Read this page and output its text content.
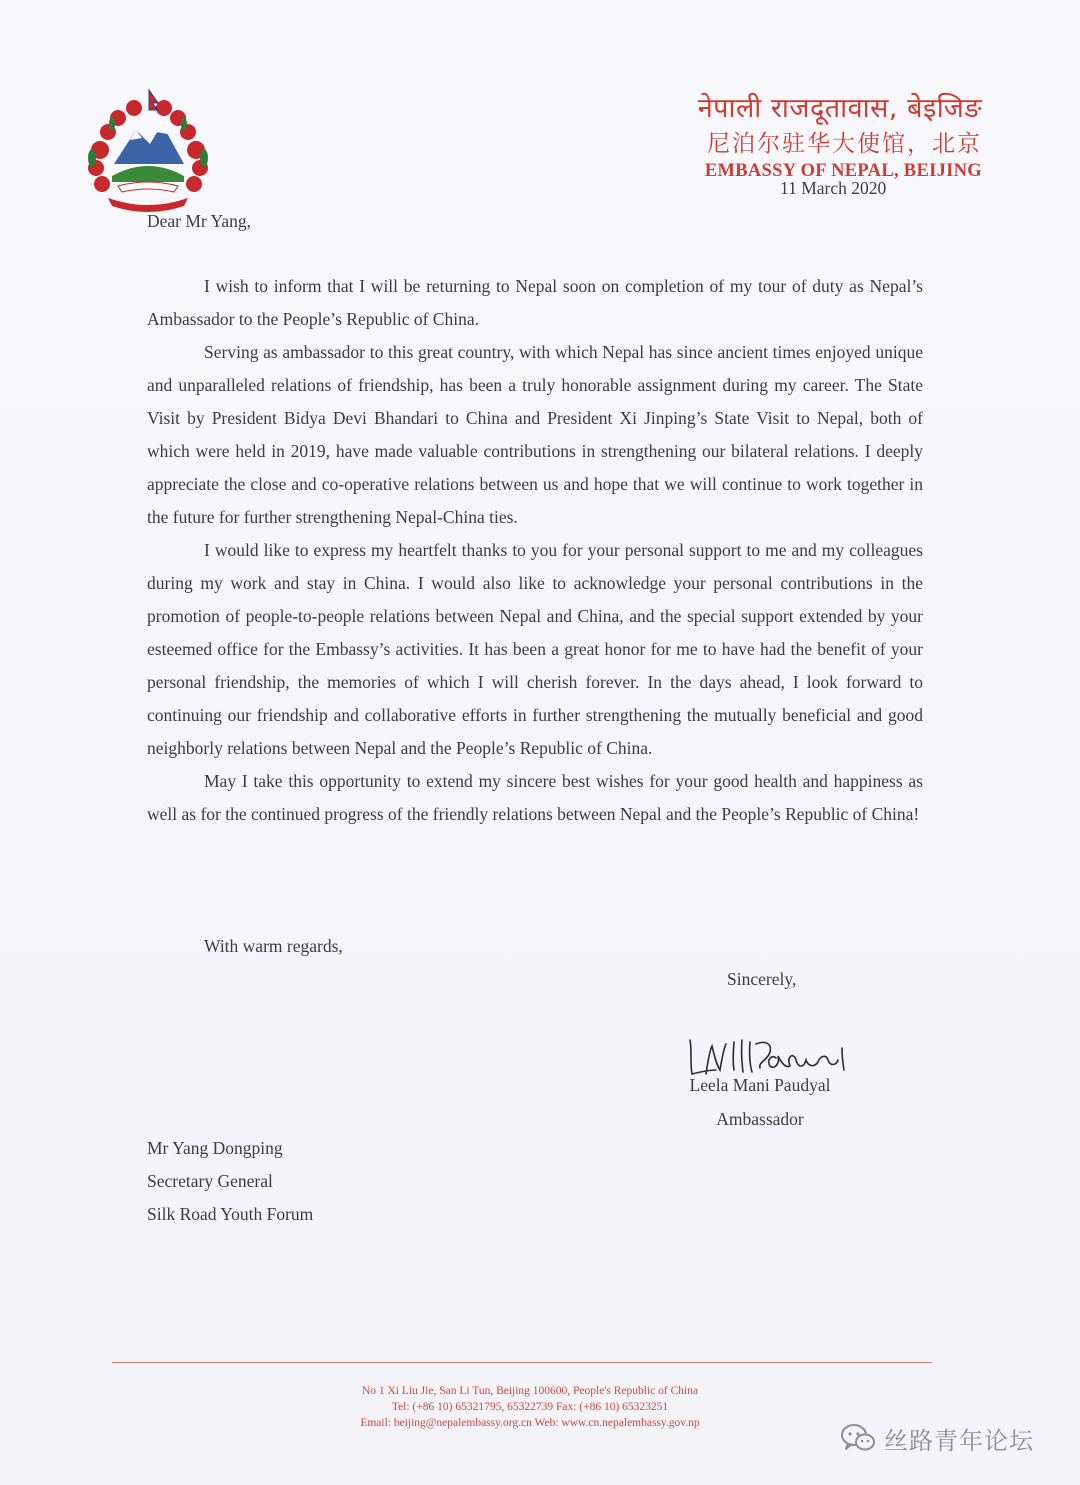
नेपाली राजदूतावास, बेइजिङ
尼泊尔驻华大使馆，北京
EMBASSY OF NEPAL, BEIJING
11 March 2020
Dear Mr Yang,

I wish to inform that I will be returning to Nepal soon on completion of my tour of duty as Nepal’s Ambassador to the People’s Republic of China.

Serving as ambassador to this great country, with which Nepal has since ancient times enjoyed unique and unparalleled relations of friendship, has been a truly honorable assignment during my career. The State Visit by President Bidya Devi Bhandari to China and President Xi Jinping’s State Visit to Nepal, both of which were held in 2019, have made valuable contributions in strengthening our bilateral relations. I deeply appreciate the close and co-operative relations between us and hope that we will continue to work together in the future for further strengthening Nepal-China ties.

I would like to express my heartfelt thanks to you for your personal support to me and my colleagues during my work and stay in China. I would also like to acknowledge your personal contributions in the promotion of people-to-people relations between Nepal and China, and the special support extended by your esteemed office for the Embassy’s activities. It has been a great honor for me to have had the benefit of your personal friendship, the memories of which I will cherish forever. In the days ahead, I look forward to continuing our friendship and collaborative efforts in further strengthening the mutually beneficial and good neighborly relations between Nepal and the People’s Republic of China.

May I take this opportunity to extend my sincere best wishes for your good health and happiness as well as for the continued progress of the friendly relations between Nepal and the People’s Republic of China!

With warm regards,
Sincerely,
Leela Mani Paudyal
Ambassador
Mr Yang Dongping
Secretary General
Silk Road Youth Forum
No 1 Xi Liu Jie, San Li Tun, Beijing 100600, People's Republic of China
Tel: (+86 10) 65321795, 65322739 Fax: (+86 10) 65323251
Email: beijing@nepalembassy.org.cn Web: www.cn.nepalembassy.gov.np
丝路青年论坛
